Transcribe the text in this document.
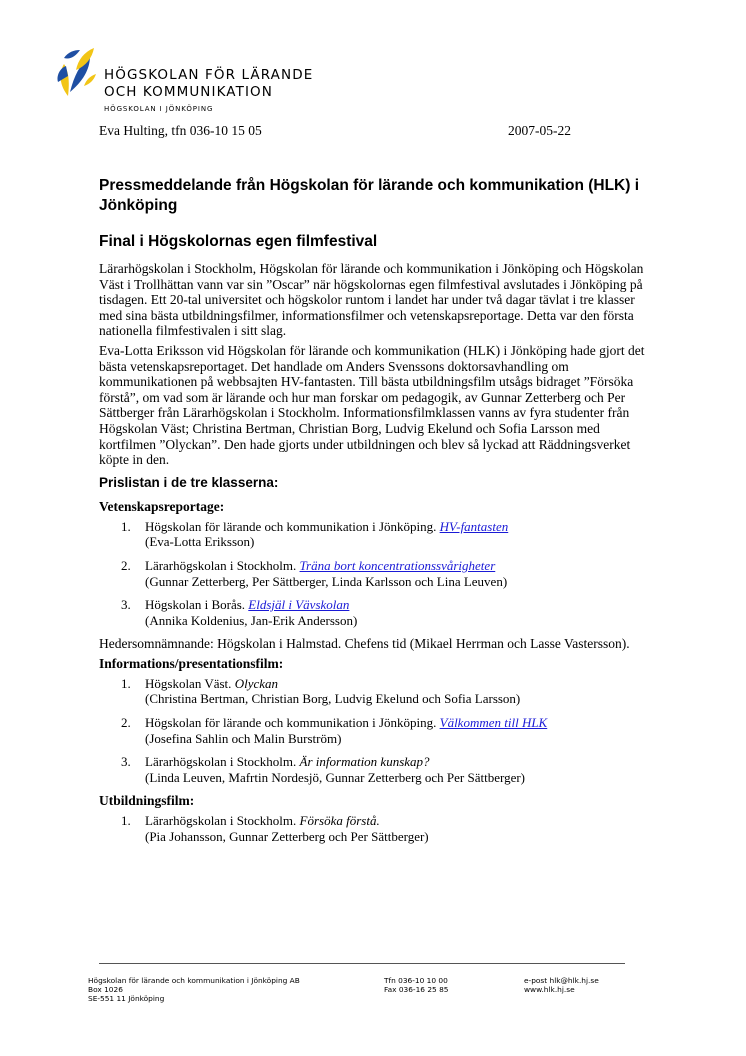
HÖGSKOLAN FÖR LÄRANDE
OCH KOMMUNIKATION
HÖGSKOLAN I JÖNKÖPING
Eva Hulting, tfn 036-10 15 05	2007-05-22
Pressmeddelande från Högskolan för lärande och kommunikation (HLK) i Jönköping
Final i Högskolornas egen filmfestival

Lärarhögskolan i Stockholm, Högskolan för lärande och kommunikation i Jönköping och Högskolan Väst i Trollhättan vann var sin ”Oscar” när högskolornas egen filmfestival avslutades i Jönköping på tisdagen. Ett 20-tal universitet och högskolor runtom i landet har under två dagar tävlat i tre klasser med sina bästa utbildningsfilmer, informationsfilmer och vetenskapsreportage. Detta var den första nationella filmfestivalen i sitt slag.

Eva-Lotta Eriksson vid Högskolan för lärande och kommunikation (HLK) i Jönköping hade gjort det bästa vetenskapsreportaget. Det handlade om Anders Svenssons doktorsavhandling om kommunikationen på webbsajten HV-fantasten. Till bästa utbildningsfilm utsågs bidraget ”Försöka förstå”, om vad som är lärande och hur man forskar om pedagogik, av Gunnar Zetterberg och Per Sättberger från Lärarhögskolan i Stockholm. Informationsfilmklassen vanns av fyra studenter från Högskolan Väst; Christina Bertman, Christian Borg, Ludvig Ekelund och Sofia Larsson med kortfilmen ”Olyckan”. Den hade gjorts under utbildningen och blev så lyckad att Räddningsverket köpte in den.

Prislistan i de tre klasserna:
Vetenskapsreportage:
1.	Högskolan för lärande och kommunikation i Jönköping. HV-fantasten
(Eva-Lotta Eriksson)
2.	Lärarhögskolan i Stockholm. Träna bort koncentrationssvårigheter
(Gunnar Zetterberg, Per Sättberger, Linda Karlsson och Lina Leuven)
3.	Högskolan i Borås. Eldsjäl i Vävskolan
(Annika Koldenius, Jan-Erik Andersson)

Hedersomnämnande: Högskolan i Halmstad. Chefens tid (Mikael Herrman och Lasse Vastersson).

Informations/presentationsfilm:
1.	Högskolan Väst. Olyckan
(Christina Bertman, Christian Borg, Ludvig Ekelund och Sofia Larsson)
2.	Högskolan för lärande och kommunikation i Jönköping. Välkommen till HLK
(Josefina Sahlin och Malin Burström)
3.	Lärarhögskolan i Stockholm. Är information kunskap?
(Linda Leuven, Mafrtin Nordesjö, Gunnar Zetterberg och Per Sättberger)
Utbildningsfilm:
1.	Lärarhögskolan i Stockholm. Försöka förstå.
(Pia Johansson, Gunnar Zetterberg och Per Sättberger)
Högskolan för lärande och kommunikation i Jönköping AB
Box 1026
SE-551 11 Jönköping
Tfn 036-10 10 00
Fax 036-16 25 85
e-post hlk@hlk.hj.se
www.hlk.hj.se
